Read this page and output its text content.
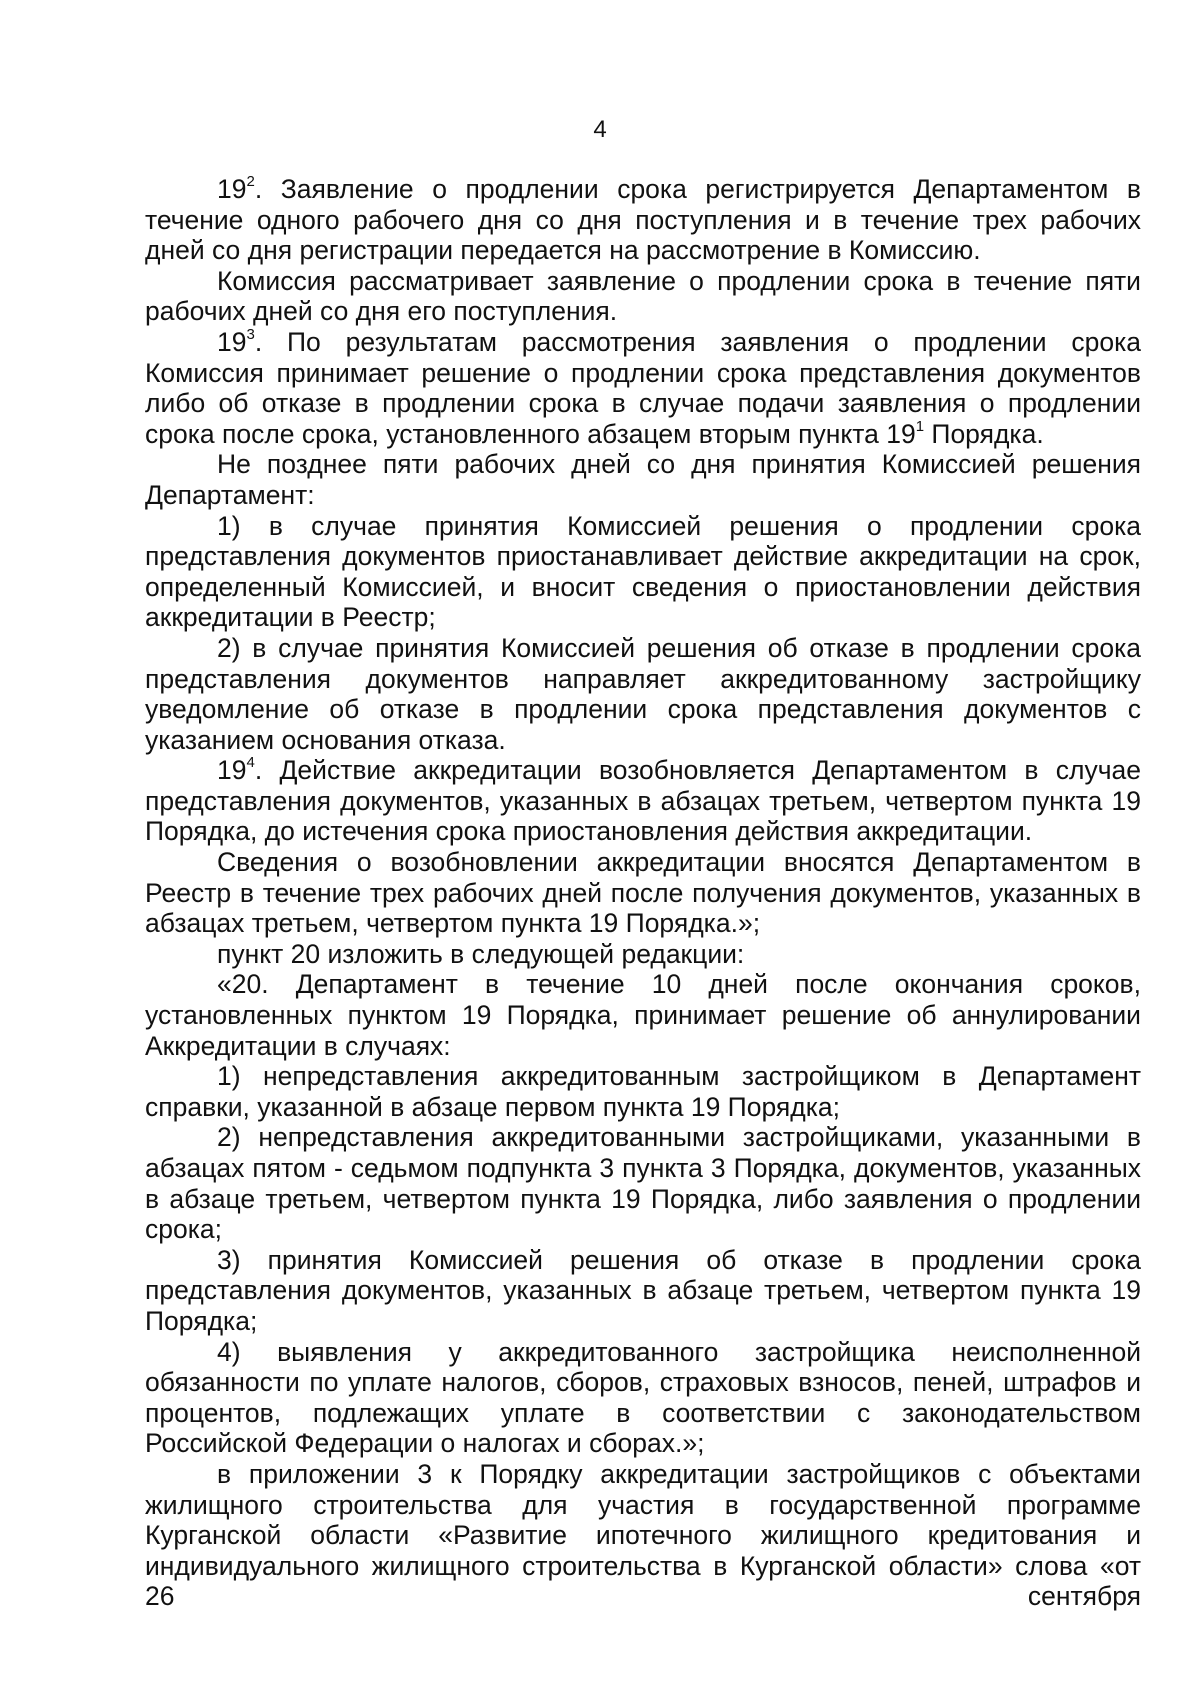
4

$19^2$. Заявление о продлении срока регистрируется Департаментом в течение одного рабочего дня со дня поступления и в течение трех рабочих дней со дня регистрации передается на рассмотрение в Комиссию.

Комиссия рассматривает заявление о продлении срока в течение пяти рабочих дней со дня его поступления.

$19^3$. По результатам рассмотрения заявления о продлении срока Комиссия принимает решение о продлении срока представления документов либо об отказе в продлении срока в случае подачи заявления о продлении срока после срока, установленного абзацем вторым пункта $19^1$ Порядка.

Не позднее пяти рабочих дней со дня принятия Комиссией решения Департамент:

1) в случае принятия Комиссией решения о продлении срока представления документов приостанавливает действие аккредитации на срок, определенный Комиссией, и вносит сведения о приостановлении действия аккредитации в Реестр;

2) в случае принятия Комиссией решения об отказе в продлении срока представления документов направляет аккредитованному застройщику уведомление об отказе в продлении срока представления документов с указанием основания отказа.

$19^4$. Действие аккредитации возобновляется Департаментом в случае представления документов, указанных в абзацах третьем, четвертом пункта 19 Порядка, до истечения срока приостановления действия аккредитации.

Сведения о возобновлении аккредитации вносятся Департаментом в Реестр в течение трех рабочих дней после получения документов, указанных в абзацах третьем, четвертом пункта 19 Порядка.»;

пункт 20 изложить в следующей редакции:

«20. Департамент в течение 10 дней после окончания сроков, установленных пунктом 19 Порядка, принимает решение об аннулировании Аккредитации в случаях:

1) непредставления аккредитованным застройщиком в Департамент справки, указанной в абзаце первом пункта 19 Порядка;

2) непредставления аккредитованными застройщиками, указанными в абзацах пятом - седьмом подпункта 3 пункта 3 Порядка, документов, указанных в абзаце третьем, четвертом пункта 19 Порядка, либо заявления о продлении срока;

3) принятия Комиссией решения об отказе в продлении срока представления документов, указанных в абзаце третьем, четвертом пункта 19 Порядка;

4) выявления у аккредитованного застройщика неисполненной обязанности по уплате налогов, сборов, страховых взносов, пеней, штрафов и процентов, подлежащих уплате в соответствии с законодательством Российской Федерации о налогах и сборах.»;

в приложении 3 к Порядку аккредитации застройщиков с объектами жилищного строительства для участия в государственной программе Курганской области «Развитие ипотечного жилищного кредитования и индивидуального жилищного строительства в Курганской области» слова «от 26 сентября
